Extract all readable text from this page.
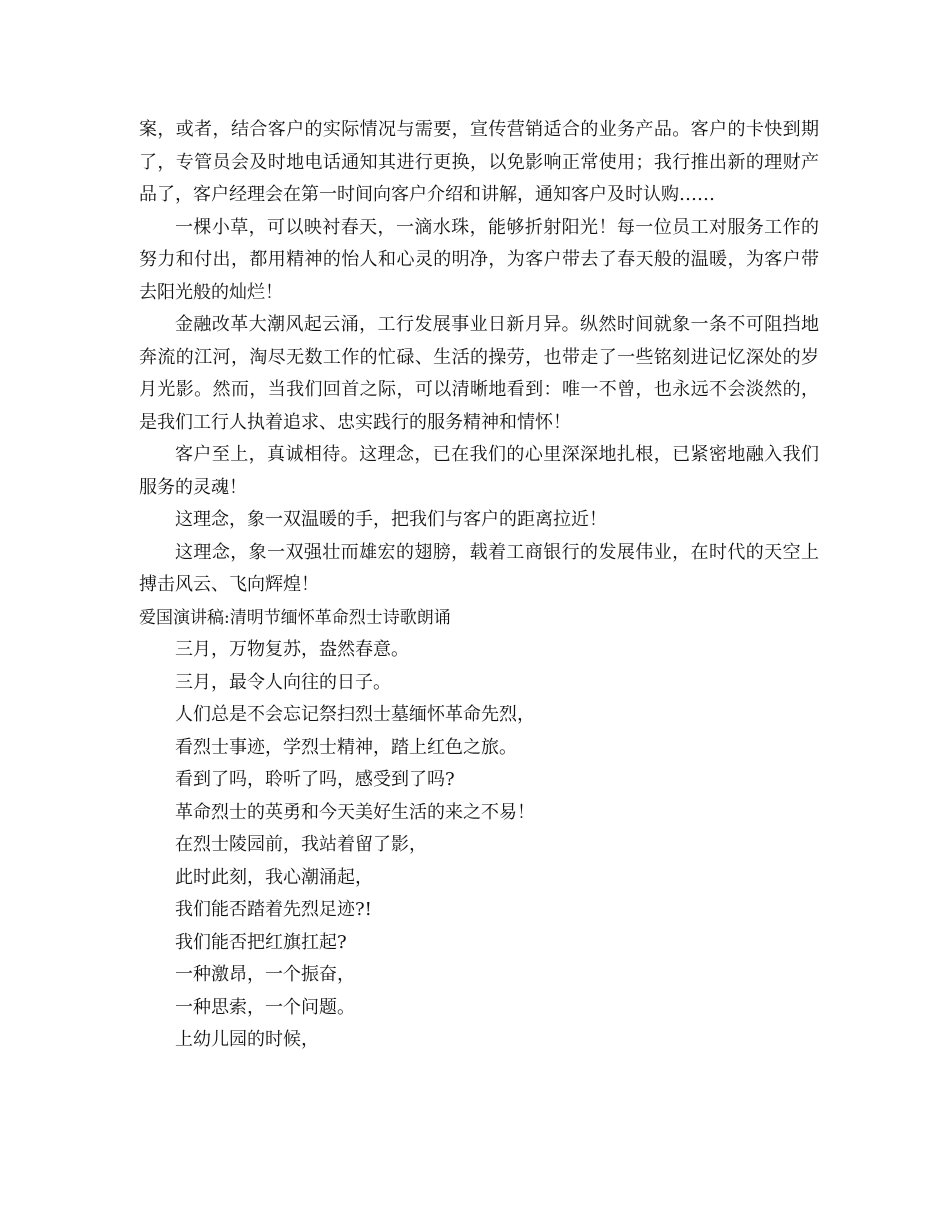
案，或者，结合客户的实际情况与需要，宣传营销适合的业务产品。客户的卡快到期了，专管员会及时地电话通知其进行更换，以免影响正常使用；我行推出新的理财产品了，客户经理会在第一时间向客户介绍和讲解，通知客户及时认购……

一棵小草，可以映衬春天，一滴水珠，能够折射阳光！每一位员工对服务工作的努力和付出，都用精神的怡人和心灵的明净，为客户带去了春天般的温暖，为客户带去阳光般的灿烂！

金融改革大潮风起云涌，工行发展事业日新月异。纵然时间就象一条不可阻挡地奔流的江河，淘尽无数工作的忙碌、生活的操劳，也带走了一些铭刻进记忆深处的岁月光影。然而，当我们回首之际，可以清晰地看到：唯一不曾，也永远不会淡然的，是我们工行人执着追求、忠实践行的服务精神和情怀！

客户至上，真诚相待。这理念，已在我们的心里深深地扎根，已紧密地融入我们服务的灵魂！

这理念，象一双温暖的手，把我们与客户的距离拉近！

这理念，象一双强壮而雄宏的翅膀，载着工商银行的发展伟业，在时代的天空上搏击风云、飞向辉煌！

爱国演讲稿:清明节缅怀革命烈士诗歌朗诵

三月，万物复苏，盎然春意。

三月，最令人向往的日子。

人们总是不会忘记祭扫烈士墓缅怀革命先烈，

看烈士事迹，学烈士精神，踏上红色之旅。

看到了吗，聆听了吗，感受到了吗?

革命烈士的英勇和今天美好生活的来之不易！

在烈士陵园前，我站着留了影，

此时此刻，我心潮涌起，

我们能否踏着先烈足迹?!

我们能否把红旗扛起?

一种激昂，一个振奋，

一种思索，一个问题。

上幼儿园的时候，
